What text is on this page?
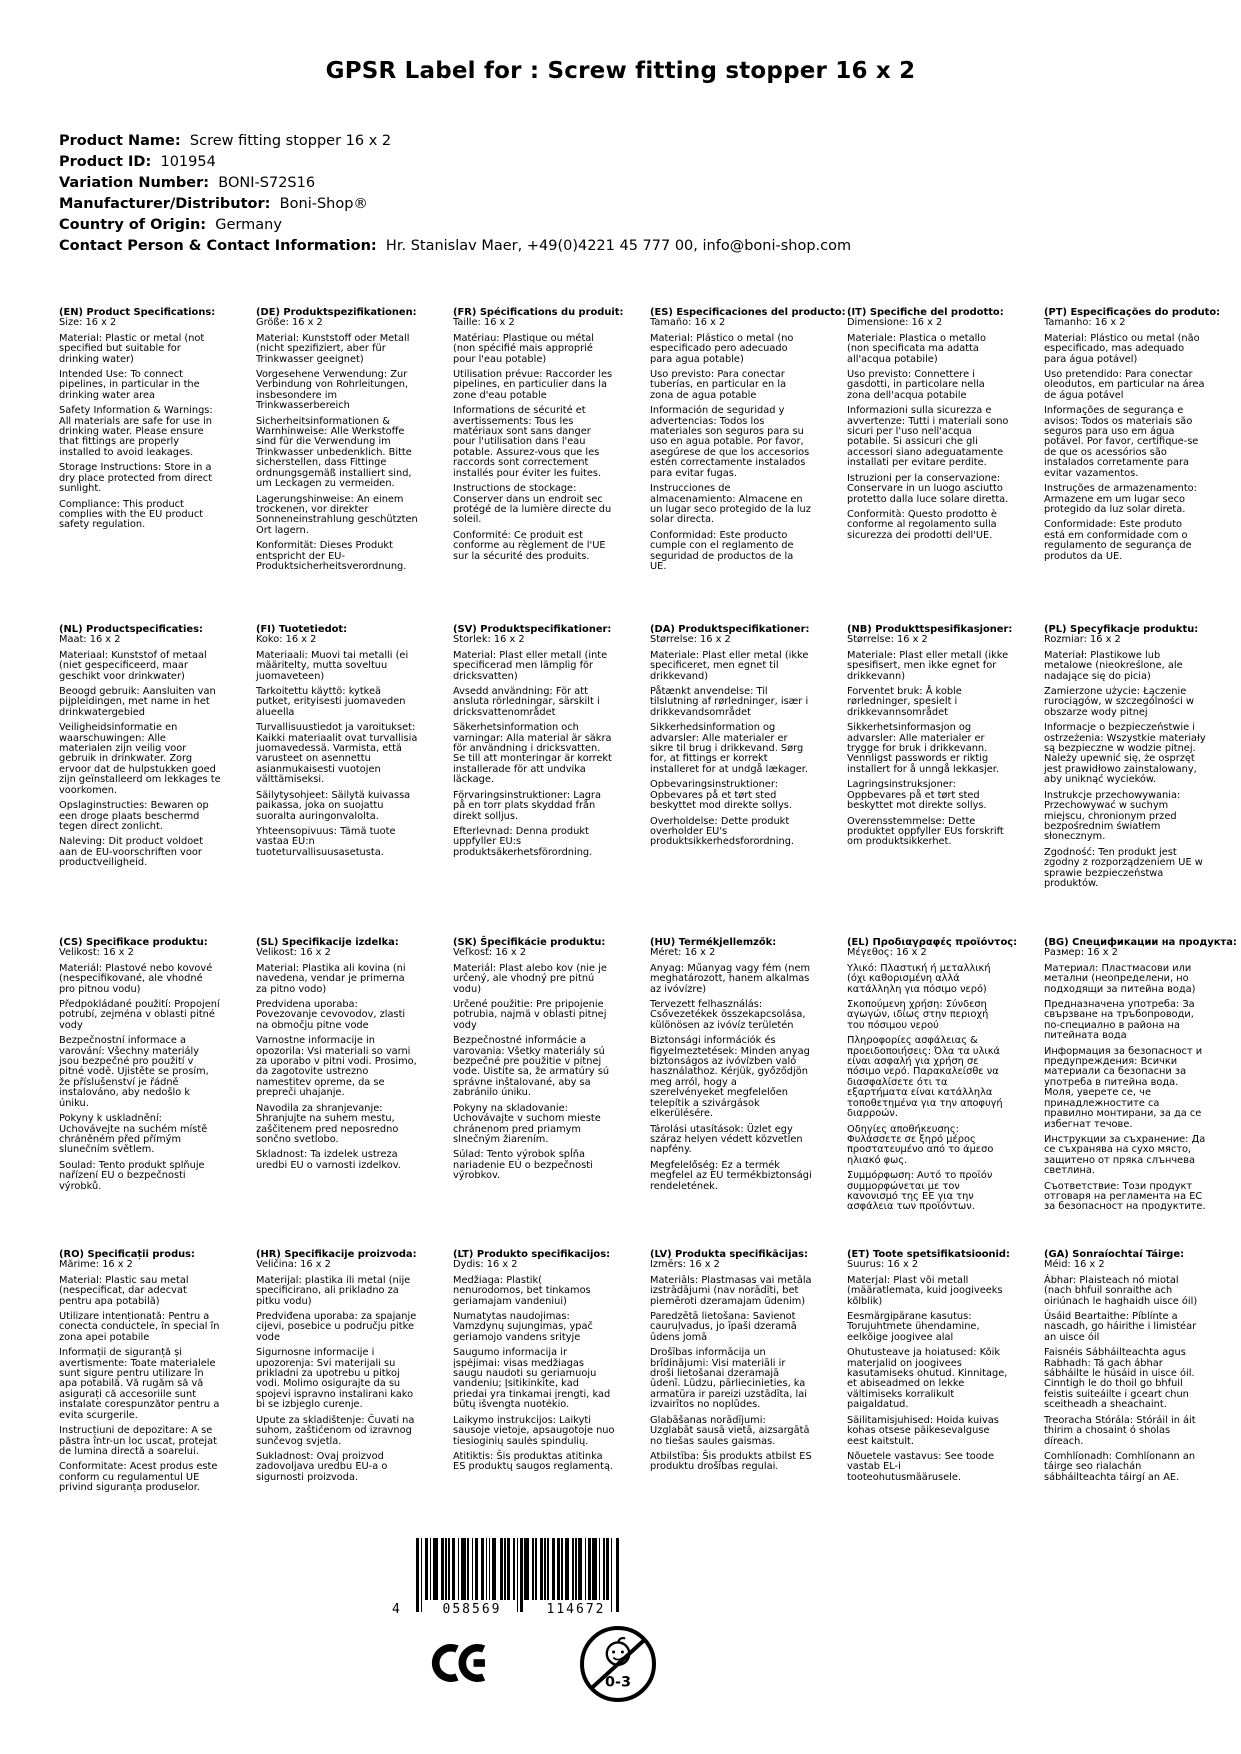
GPSR Label for : Screw fitting stopper 16 x 2
Product Name:  Screw fitting stopper 16 x 2
Product ID:  101954
Variation Number:  BONI-S72S16
Manufacturer/Distributor:  Boni-Shop®
Country of Origin:  Germany
Contact Person & Contact Information:  Hr. Stanislav Maer, +49(0)4221 45 777 00, info@boni-shop.com
(EN) Product Specifications:

Size: 16 x 2

Material: Plastic or metal (not specified but suitable for drinking water)

Intended Use: To connect pipelines, in particular in the drinking water area

Safety Information & Warnings: All materials are safe for use in drinking water. Please ensure that fittings are properly installed to avoid leakages.

Storage Instructions: Store in a dry place protected from direct sunlight.

Compliance: This product complies with the EU product safety regulation.

(DE) Produktspezifikationen:

Größe: 16 x 2

Material: Kunststoff oder Metall (nicht spezifiziert, aber für Trinkwasser geeignet)

Vorgesehene Verwendung: Zur Verbindung von Rohrleitungen, insbesondere im Trinkwasserbereich

Sicherheitsinformationen & Warnhinweise: Alle Werkstoffe sind für die Verwendung im Trinkwasser unbedenklich. Bitte sicherstellen, dass Fittinge ordnungsgemäß installiert sind, um Leckagen zu vermeiden.

Lagerungshinweise: An einem trockenen, vor direkter Sonneneinstrahlung geschützten Ort lagern.

Konformität: Dieses Produkt entspricht der EU-Produktsicherheitsverordnung.

(FR) Spécifications du produit:

Taille: 16 x 2

Matériau: Plastique ou métal (non spécifié mais approprié pour l'eau potable)

Utilisation prévue: Raccorder les pipelines, en particulier dans la zone d'eau potable

Informations de sécurité et avertissements: Tous les matériaux sont sans danger pour l'utilisation dans l'eau potable. Assurez-vous que les raccords sont correctement installés pour éviter les fuites.

Instructions de stockage: Conserver dans un endroit sec protégé de la lumière directe du soleil.

Conformité: Ce produit est conforme au règlement de l'UE sur la sécurité des produits.

(ES) Especificaciones del producto:

Tamaño: 16 x 2

Material: Plástico o metal (no especificado pero adecuado para agua potable)

Uso previsto: Para conectar tuberías, en particular en la zona de agua potable

Información de seguridad y advertencias: Todos los materiales son seguros para su uso en agua potable. Por favor, asegúrese de que los accesorios estén correctamente instalados para evitar fugas.

Instrucciones de almacenamiento: Almacene en un lugar seco protegido de la luz solar directa.

Conformidad: Este producto cumple con el reglamento de seguridad de productos de la UE.

(IT) Specifiche del prodotto:

Dimensione: 16 x 2

Materiale: Plastica o metallo (non specificata ma adatta all'acqua potabile)

Uso previsto: Connettere i gasdotti, in particolare nella zona dell'acqua potabile

Informazioni sulla sicurezza e avvertenze: Tutti i materiali sono sicuri per l'uso nell'acqua potabile. Si assicuri che gli accessori siano adeguatamente installati per evitare perdite.

Istruzioni per la conservazione: Conservare in un luogo asciutto protetto dalla luce solare diretta.

Conformità: Questo prodotto è conforme al regolamento sulla sicurezza dei prodotti dell'UE.

(PT) Especificações do produto:

Tamanho: 16 x 2

Material: Plástico ou metal (não especificado, mas adequado para água potável)

Uso pretendido: Para conectar oleodutos, em particular na área de água potável

Informações de segurança e avisos: Todos os materiais são seguros para uso em água potável. Por favor, certifique-se de que os acessórios são instalados corretamente para evitar vazamentos.

Instruções de armazenamento: Armazene em um lugar seco protegido da luz solar direta.

Conformidade: Este produto está em conformidade com o regulamento de segurança de produtos da UE.

(NL) Productspecificaties:

Maat: 16 x 2

Materiaal: Kunststof of metaal (niet gespecificeerd, maar geschikt voor drinkwater)

Beoogd gebruik: Aansluiten van pijpleidingen, met name in het drinkwatergebied

Veiligheidsinformatie en waarschuwingen: Alle materialen zijn veilig voor gebruik in drinkwater. Zorg ervoor dat de hulpstukken goed zijn geïnstalleerd om lekkages te voorkomen.

Opslaginstructies: Bewaren op een droge plaats beschermd tegen direct zonlicht.

Naleving: Dit product voldoet aan de EU-voorschriften voor productveiligheid.

(FI) Tuotetiedot:

Koko: 16 x 2

Materiaali: Muovi tai metalli (ei määritelty, mutta soveltuu juomaveteen)

Tarkoitettu käyttö: kytkeä putket, erityisesti juomaveden alueella

Turvallisuustiedot ja varoitukset: Kaikki materiaalit ovat turvallisia juomavedessä. Varmista, että varusteet on asennettu asianmukaisesti vuotojen välttämiseksi.

Säilytysohjeet: Säilytä kuivassa paikassa, joka on suojattu suoralta auringonvalolta.

Yhteensopivuus: Tämä tuote vastaa EU:n tuoteturvallisuusasetusta.

(SV) Produktspecifikationer:

Storlek: 16 x 2

Material: Plast eller metall (inte specificerad men lämplig för dricksvatten)

Avsedd användning: För att ansluta rörledningar, särskilt i dricksvattenområdet

Säkerhetsinformation och varningar: Alla material är säkra för användning i dricksvatten. Se till att monteringar är korrekt installerade för att undvika läckage.

Förvaringsinstruktioner: Lagra på en torr plats skyddad från direkt solljus.

Efterlevnad: Denna produkt uppfyller EU:s produktsäkerhetsförordning.

(DA) Produktspecifikationer:

Størrelse: 16 x 2

Materiale: Plast eller metal (ikke specificeret, men egnet til drikkevand)

Påtænkt anvendelse: Til tilslutning af rørledninger, især i drikkevandsområdet

Sikkerhedsinformation og advarsler: Alle materialer er sikre til brug i drikkevand. Sørg for, at fittings er korrekt installeret for at undgå lækager.

Opbevaringsinstruktioner: Opbevares på et tørt sted beskyttet mod direkte sollys.

Overholdelse: Dette produkt overholder EU's produktsikkerhedsforordning.

(NB) Produkttspesifikasjoner:

Størrelse: 16 x 2

Materiale: Plast eller metall (ikke spesifisert, men ikke egnet for drikkevann)

Forventet bruk: Å koble rørledninger, spesielt i drikkevannsområdet

Sikkerhetsinformasjon og advarsler: Alle materialer er trygge for bruk i drikkevann. Vennligst passwords er riktig installert for å unngå lekkasjer.

Lagringsinstruksjoner: Oppbevares på et tørt sted beskyttet mot direkte sollys.

Overensstemmelse: Dette produktet oppfyller EUs forskrift om produktsikkerhet.

(PL) Specyfikacje produktu:

Rozmiar: 16 x 2

Materiał: Plastikowe lub metalowe (nieokreślone, ale nadające się do picia)

Zamierzone użycie: Łączenie rurociągów, w szczególności w obszarze wody pitnej

Informacje o bezpieczeństwie i ostrzeżenia: Wszystkie materiały są bezpieczne w wodzie pitnej. Należy upewnić się, że osprzęt jest prawidłowo zainstalowany, aby uniknąć wycieków.

Instrukcje przechowywania: Przechowywać w suchym miejscu, chronionym przed bezpośrednim światłem słonecznym.

Zgodność: Ten produkt jest zgodny z rozporządzeniem UE w sprawie bezpieczeństwa produktów.

(CS) Specifikace produktu:

Velikost: 16 x 2

Materiál: Plastové nebo kovové (nespecifikované, ale vhodné pro pitnou vodu)

Předpokládané použití: Propojení potrubí, zejména v oblasti pitné vody

Bezpečnostní informace a varování: Všechny materiály jsou bezpečné pro použití v pitné vodě. Ujistěte se prosím, že příslušenství je řádně instalováno, aby nedošlo k úniku.

Pokyny k uskladnění: Uchovávejte na suchém místě chráněném před přímým slunečním světlem.

Soulad: Tento produkt splňuje nařízení EU o bezpečnosti výrobků.

(SL) Specifikacije izdelka:

Velikost: 16 x 2

Material: Plastika ali kovina (ni navedena, vendar je primerna za pitno vodo)

Predvidena uporaba: Povezovanje cevovodov, zlasti na območju pitne vode

Varnostne informacije in opozorila: Vsi materiali so varni za uporabo v pitni vodi. Prosimo, da zagotovite ustrezno namestitev opreme, da se prepreči uhajanje.

Navodila za shranjevanje: Shranjujte na suhem mestu, zaščitenem pred neposredno sončno svetlobo.

Skladnost: Ta izdelek ustreza uredbi EU o varnosti izdelkov.

(SK) Špecifikácie produktu:

Veľkosť: 16 x 2

Materiál: Plast alebo kov (nie je určený, ale vhodný pre pitnú vodu)

Určené použitie: Pre pripojenie potrubia, najmä v oblasti pitnej vody

Bezpečnostné informácie a varovania: Všetky materiály sú bezpečné pre použitie v pitnej vode. Uistite sa, že armatúry sú správne inštalované, aby sa zabránilo úniku.

Pokyny na skladovanie: Uchovávajte v suchom mieste chránenom pred priamym slnečným žiarením.

Súlad: Tento výrobok spĺňa nariadenie EÚ o bezpečnosti výrobkov.

(HU) Termékjellemzők:

Méret: 16 x 2

Anyag: Műanyag vagy fém (nem meghatározott, hanem alkalmas az ivóvízre)

Tervezett felhasználás: Csővezetékek összekapcsolása, különösen az ivóvíz területén

Biztonsági információk és figyelmeztetések: Minden anyag biztonságos az ivóvízben való használathoz. Kérjük, győződjön meg arról, hogy a szerelvényeket megfelelően telepítik a szivárgások elkerülésére.

Tárolási utasítások: Üzlet egy száraz helyen védett közvetlen napfény.

Megfelelőség: Ez a termék megfelel az EU termékbiztonsági rendeletének.

(EL) Προδιαγραφές προϊόντος:

Μέγεθος: 16 x 2

Υλικό: Πλαστική ή μεταλλική (όχι καθορισμένη αλλά κατάλληλη για πόσιμο νερό)

Σκοπούμενη χρήση: Σύνδεση αγωγών, ιδίως στην περιοχή του πόσιμου νερού

Πληροφορίες ασφάλειας & προειδοποιήσεις: Όλα τα υλικά είναι ασφαλή για χρήση σε πόσιμο νερό. Παρακαλείσθε να διασφαλίσετε ότι τα εξαρτήματα είναι κατάλληλα τοποθετημένα για την αποφυγή διαρροών.

Οδηγίες αποθήκευσης: Φυλάσσετε σε ξηρό μέρος προστατευμένο από το άμεσο ηλιακό φως.

Συμμόρφωση: Αυτό το προϊόν συμμορφώνεται με τον κανονισμό της ΕΕ για την ασφάλεια των προϊόντων.

(BG) Спецификации на продукта:

Размер: 16 x 2

Материал: Пластмасови или метални (неопределени, но подходящи за питейна вода)

Предназначена употреба: За свързване на тръбопроводи, по-специално в района на питейната вода

Информация за безопасност и предупреждения: Всички материали са безопасни за употреба в питейна вода. Моля, уверете се, че принадлежностите са правилно монтирани, за да се избегнат течове.

Инструкции за съхранение: Да се съхранява на сухо място, защитено от пряка слънчева светлина.

Съответствие: Този продукт отговаря на регламента на ЕС за безопасност на продуктите.

(RO) Specificații produs:

Mărime: 16 x 2

Material: Plastic sau metal (nespecificat, dar adecvat pentru apa potabilă)

Utilizare intenționată: Pentru a conecta conductele, în special în zona apei potabile

Informații de siguranță și avertismente: Toate materialele sunt sigure pentru utilizare în apa potabilă. Vă rugăm să vă asigurați că accesoriile sunt instalate corespunzător pentru a evita scurgerile.

Instrucțiuni de depozitare: A se păstra într-un loc uscat, protejat de lumina directă a soarelui.

Conformitate: Acest produs este conform cu regulamentul UE privind siguranța produselor.

(HR) Specifikacije proizvoda:

Veličina: 16 x 2

Materijal: plastika ili metal (nije specificirano, ali prikladno za pitku vodu)

Predviđena uporaba: za spajanje cijevi, posebice u području pitke vode

Sigurnosne informacije i upozorenja: Svi materijali su prikladni za upotrebu u pitkoj vodi. Molimo osigurajte da su spojevi ispravno instalirani kako bi se izbjeglo curenje.

Upute za skladištenje: Čuvati na suhom, zaštićenom od izravnog sunčevog svjetla.

Sukladnost: Ovaj proizvod zadovoljava uredbu EU-a o sigurnosti proizvoda.

(LT) Produkto specifikacijos:

Dydis: 16 x 2

Medžiaga: Plastik( nenurodomos, bet tinkamos geriamajam vandeniui)

Numatytas naudojimas: Vamzdynų sujungimas, ypač geriamojo vandens srityje

Saugumo informacija ir įspėjimai: visas medžiagas saugu naudoti su geriamuoju vandeniu; Įsitikinkite, kad priedai yra tinkamai įrengti, kad būtų išvengta nuotėkio.

Laikymo instrukcijos: Laikyti sausoje vietoje, apsaugotoje nuo tiesioginių saulės spindulių.

Atitiktis: Šis produktas atitinka ES produktų saugos reglamentą.

(LV) Produkta specifikācijas:

Izmērs: 16 x 2

Materiāls: Plastmasas vai metāla izstrādājumi (nav norādīti, bet piemēroti dzeramajam ūdenim)

Paredzētā lietošana: Savienot cauruļvadus, jo īpaši dzeramā ūdens jomā

Drošības informācija un brīdinājumi: Visi materiāli ir droši lietošanai dzeramajā ūdenī. Lūdzu, pārliecinieties, ka armatūra ir pareizi uzstādīta, lai izvairītos no noplūdes.

Glabāšanas norādījumi: Uzglabāt sausā vietā, aizsargātā no tiešas saules gaismas.

Atbilstība: Šis produkts atbilst ES produktu drošības regulai.

(ET) Toote spetsifikatsioonid:

Suurus: 16 x 2

Materjal: Plast või metall (määratlemata, kuid joogiveeks kõlblik)

Eesmärgipärane kasutus: Torujuhtmete ühendamine, eelkõige joogivee alal

Ohutusteave ja hoiatused: Kõik materjalid on joogivees kasutamiseks ohutud. Kinnitage, et abiseadmed on lekke vältimiseks korralikult paigaldatud.

Säilitamisjuhised: Hoida kuivas kohas otsese päikesevalguse eest kaitstult.

Nõuetele vastavus: See toode vastab EL-i tooteohutusmäärusele.

(GA) Sonraíochtaí Táirge:

Méid: 16 x 2

Ábhar: Plaisteach nó miotal (nach bhfuil sonraithe ach oiriúnach le haghaidh uisce óil)

Úsáid Beartaithe: Píblínte a nascadh, go háirithe i limistéar an uisce óil

Faisnéis Sábháilteachta agus Rabhadh: Tá gach ábhar sábháilte le húsáid in uisce óil. Cinntigh le do thoil go bhfuil feistis suiteáilte i gceart chun sceitheadh a sheachaint.

Treoracha Stórála: Stóráil in áit thirim a chosaint ó sholas díreach.

Comhlíonadh: Comhlíonann an táirge seo rialachán sábháilteachta táirgí an AE.

4	058569	114672
0-3
